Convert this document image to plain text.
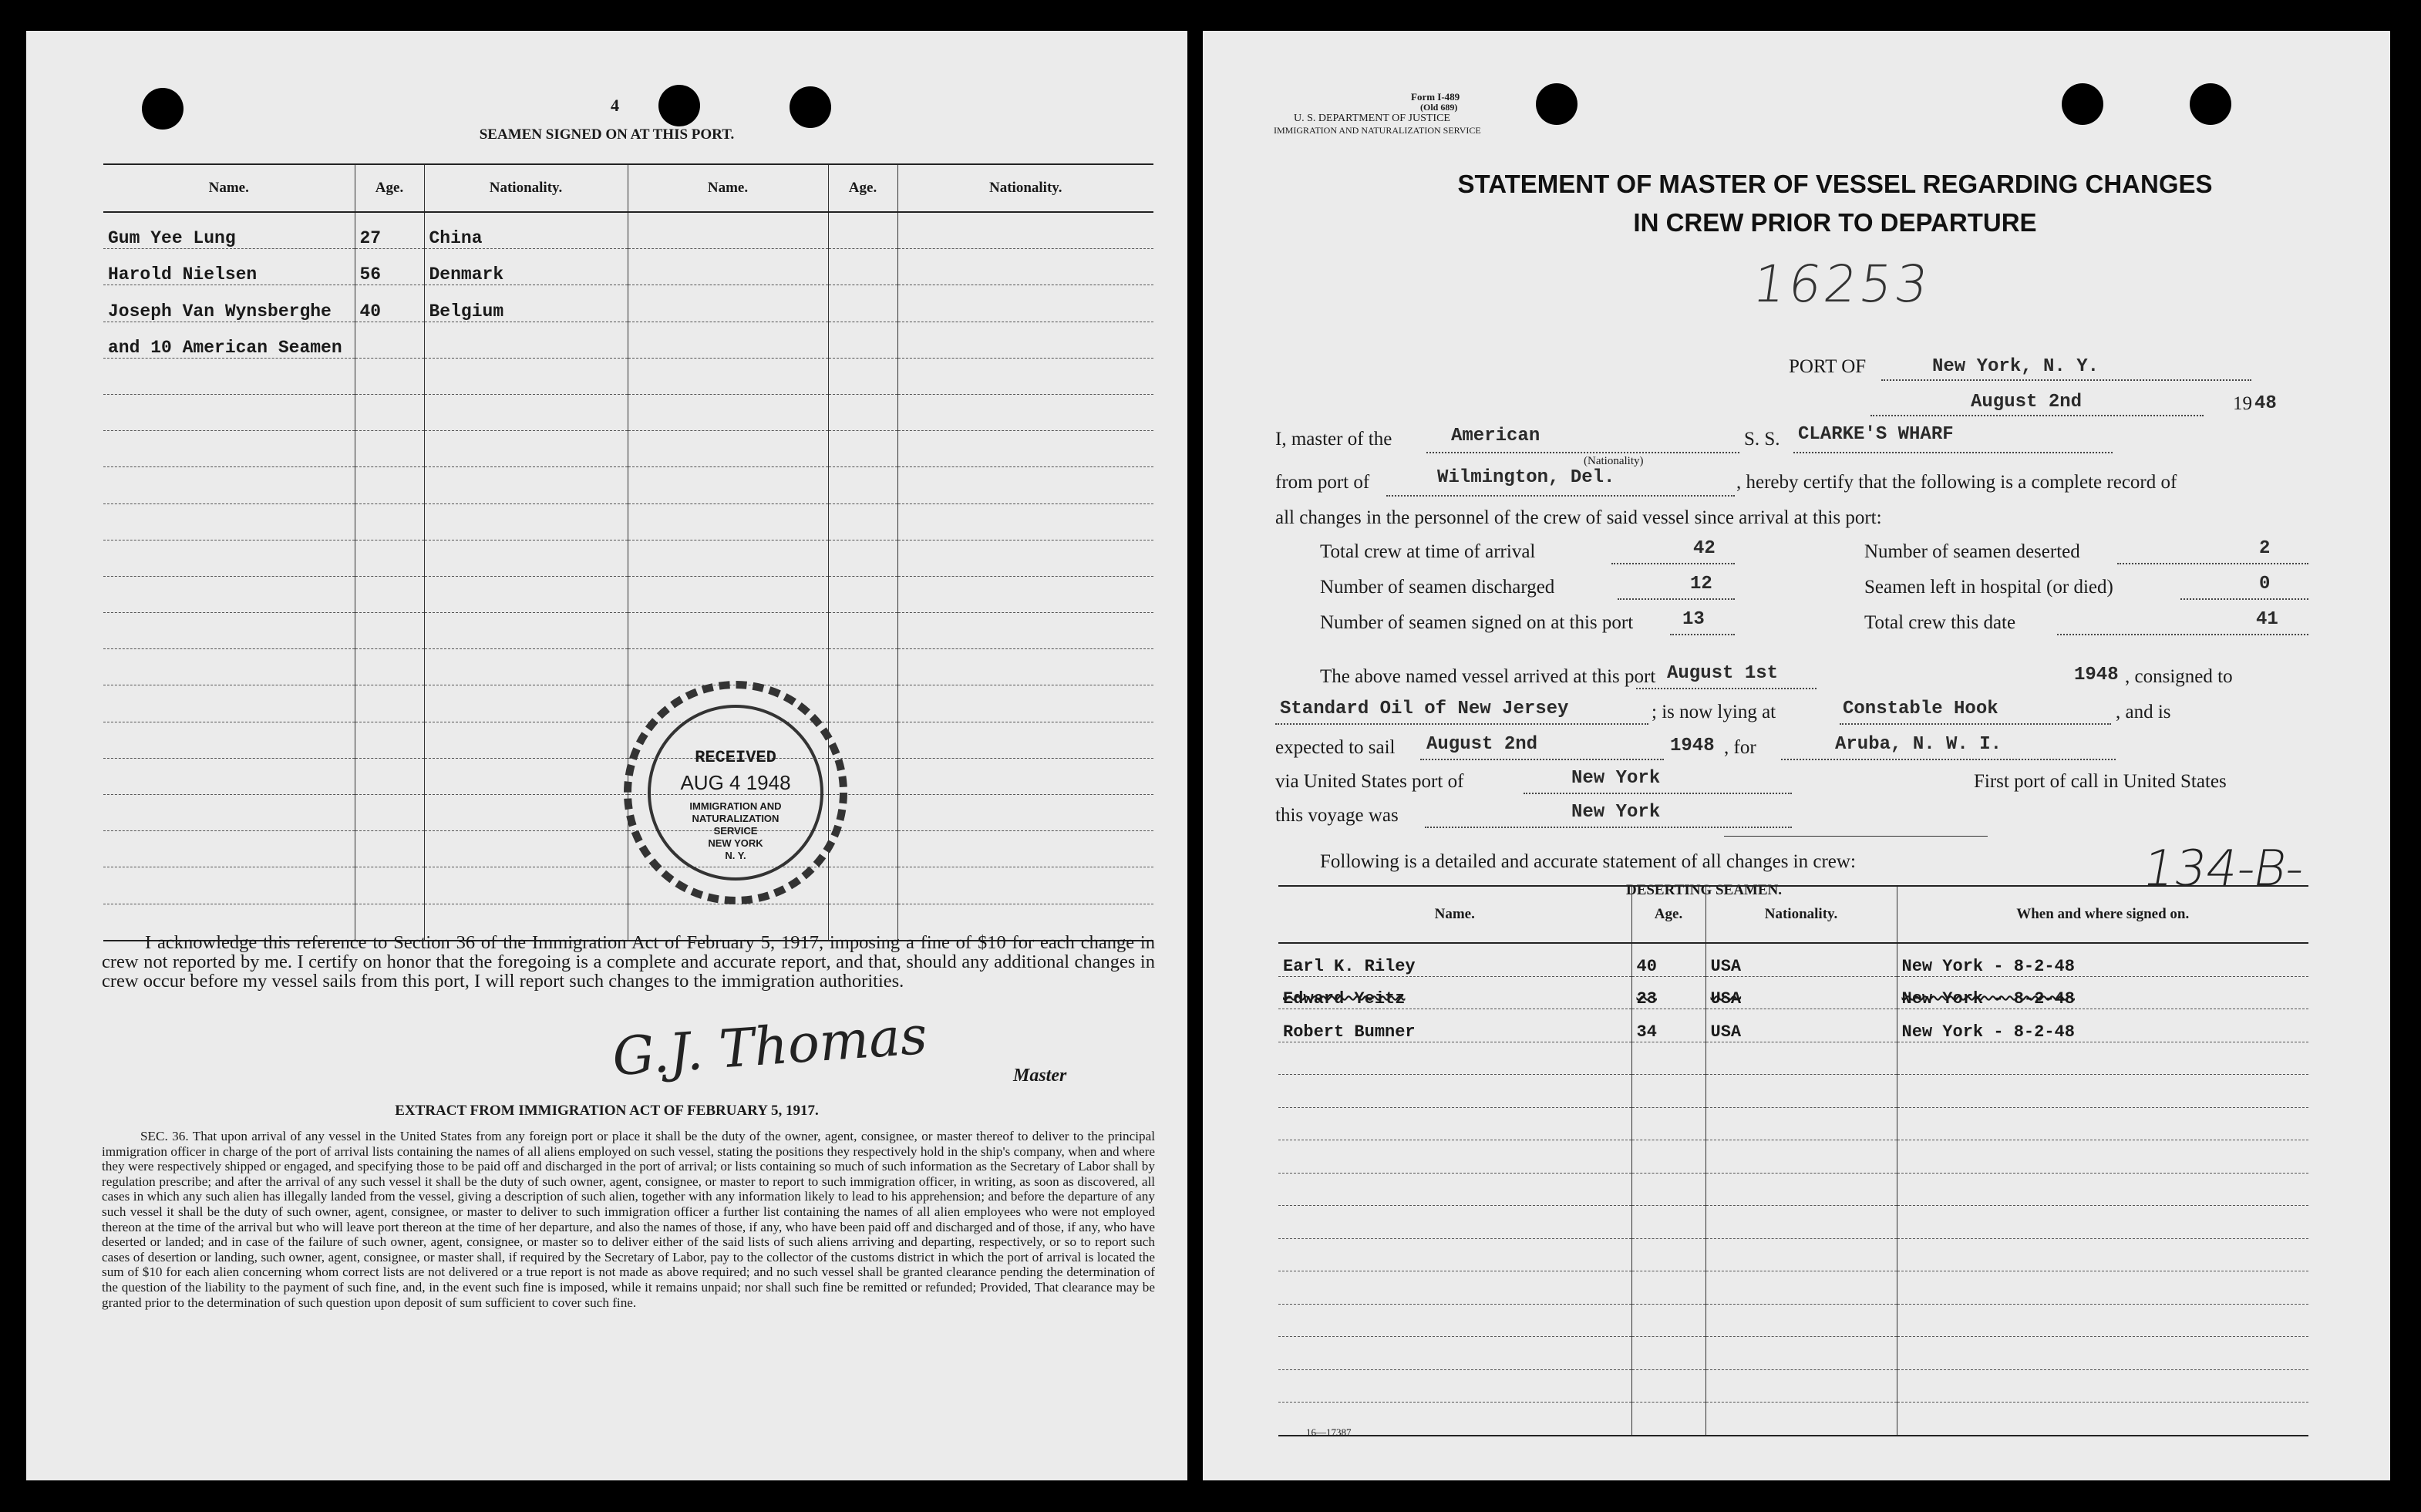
4
SEAMEN SIGNED ON AT THIS PORT.
Name.	Age.	Nationality.	Name.	Age.	Nationality.
Gum Yee Lung	27	China			
Harold Nielsen	56	Denmark			
Joseph Van Wynsberghe	40	Belgium			
and 10 American Seamen					

RECEIVED
AUG 4 1948
IMMIGRATION AND
NATURALIZATION
SERVICE
NEW YORK
N. Y.
I acknowledge this reference to Section 36 of the Immigration Act of February 5, 1917, imposing a fine of $10 for each change in crew not reported by me. I certify on honor that the foregoing is a complete and accurate report, and that, should any additional changes in crew occur before my vessel sails from this port, I will report such changes to the immigration authorities.
G.J. Thomas	Master
EXTRACT FROM IMMIGRATION ACT OF FEBRUARY 5, 1917.
SEC. 36. That upon arrival of any vessel in the United States from any foreign port or place it shall be the duty of the owner, agent, consignee, or master thereof to deliver to the principal immigration officer in charge of the port of arrival lists containing the names of all aliens employed on such vessel, stating the positions they respectively hold in the ship's company, when and where they were respectively shipped or engaged, and specifying those to be paid off and discharged in the port of arrival; or lists containing so much of such information as the Secretary of Labor shall by regulation prescribe; and after the arrival of any such vessel it shall be the duty of such owner, agent, consignee, or master to report to such immigration officer, in writing, as soon as discovered, all cases in which any such alien has illegally landed from the vessel, giving a description of such alien, together with any information likely to lead to his apprehension; and before the departure of any such vessel it shall be the duty of such owner, agent, consignee, or master to deliver to such immigration officer a further list containing the names of all alien employees who were not employed thereon at the time of the arrival but who will leave port thereon at the time of her departure, and also the names of those, if any, who have been paid off and discharged and of those, if any, who have deserted or landed; and in case of the failure of such owner, agent, consignee, or master so to deliver either of the said lists of such aliens arriving and departing, respectively, or so to report such cases of desertion or landing, such owner, agent, consignee, or master shall, if required by the Secretary of Labor, pay to the collector of the customs district in which the port of arrival is located the sum of $10 for each alien concerning whom correct lists are not delivered or a true report is not made as above required; and no such vessel shall be granted clearance pending the determination of the question of the liability to the payment of such fine, and, in the event such fine is imposed, while it remains unpaid; nor shall such fine be remitted or refunded; Provided, That clearance may be granted prior to the determination of such question upon deposit of sum sufficient to cover such fine.
Form I-489
(Old 689)
U. S. DEPARTMENT OF JUSTICE
IMMIGRATION AND NATURALIZATION SERVICE
STATEMENT OF MASTER OF VESSEL REGARDING CHANGES
IN CREW PRIOR TO DEPARTURE
16253
PORT OF	New York, N. Y.
August 2nd	19 48
I, master of the	American
(Nationality)
S. S. CLARKE'S WHARF
from port of	Wilmington, Del.	, hereby certify that the following is a complete record of
all changes in the personnel of the crew of said vessel since arrival at this port:
Total crew at time of arrival	42	Number of seamen deserted	2
Number of seamen discharged	12	Seamen left in hospital (or died)	0
Number of seamen signed on at this port	13	Total crew this date	41
The above named vessel arrived at this port August 1st	1948 , consigned to
Standard Oil of New Jersey	; is now lying at	Constable Hook	, and is
expected to sail August 2nd	1948 , for	Aruba, N. W. I.
via United States port of	New York	First port of call in United States
this voyage was	New York
Following is a detailed and accurate statement of all changes in crew:
DESERTING SEAMEN.	134-B-
Name.	Age.	Nationality.	When and where signed on.
Earl K. Riley	40	USA	New York - 8-2-48
Edward Yeitz	23	USA	New York - 8-2-48
Robert Bumner	34	USA	New York - 8-2-48

16—17387
